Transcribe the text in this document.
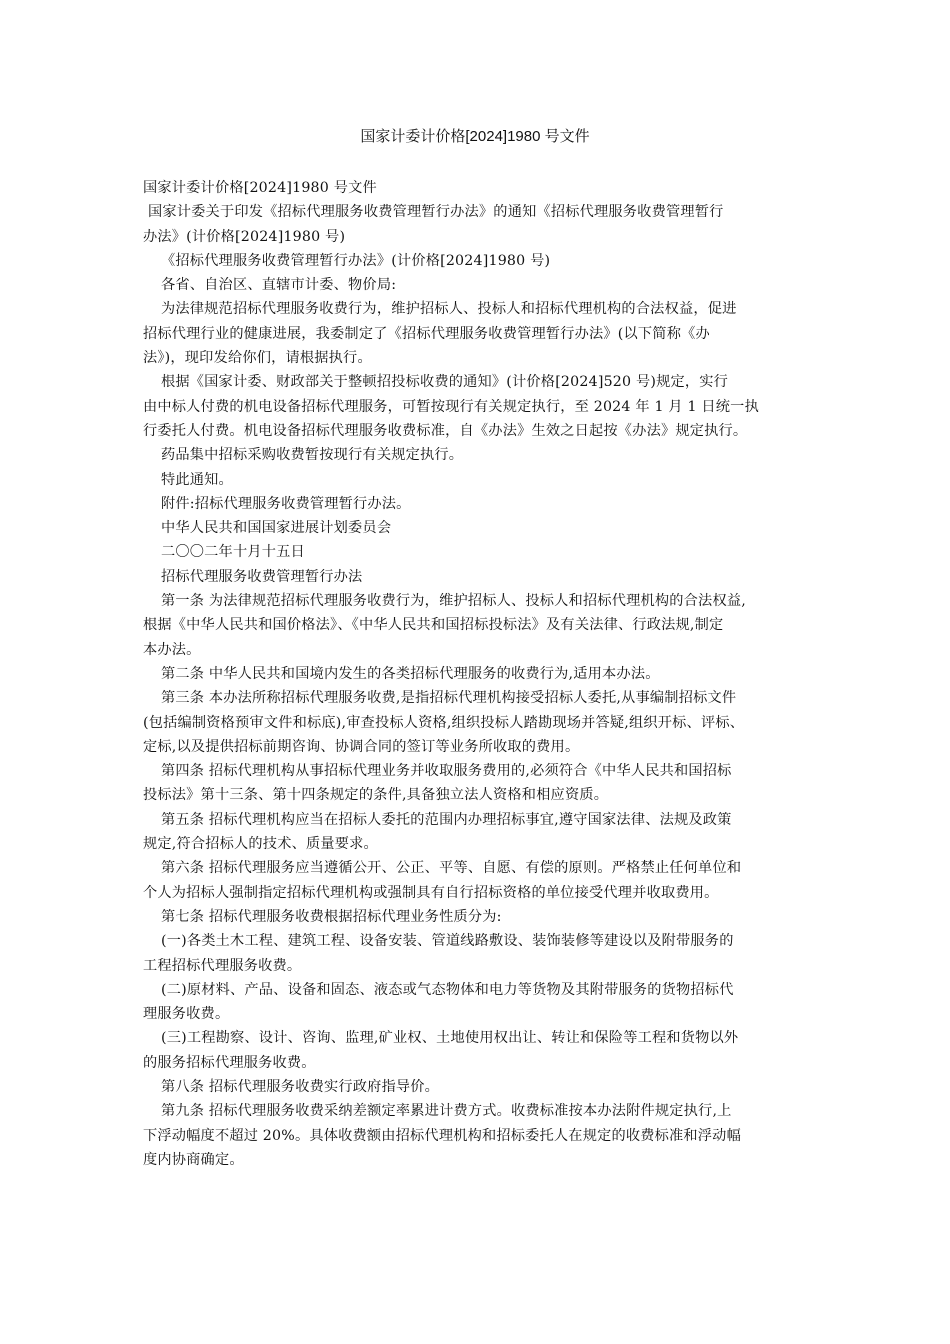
国家计委计价格[2024]1980 号文件
国家计委计价格[2024]1980 号文件
国家计委关于印发《招标代理服务收费管理暂行办法》的通知《招标代理服务收费管理暂行
办法》(计价格[2024]1980 号)
《招标代理服务收费管理暂行办法》(计价格[2024]1980 号)
各省、自治区、直辖市计委、物价局:
为法律规范招标代理服务收费行为，维护招标人、投标人和招标代理机构的合法权益，促进
招标代理行业的健康进展，我委制定了《招标代理服务收费管理暂行办法》(以下简称《办
法》)，现印发给你们，请根据执行。
根据《国家计委、财政部关于整顿招投标收费的通知》(计价格[2024]520 号)规定，实行
由中标人付费的机电设备招标代理服务，可暂按现行有关规定执行，至 2024 年 1 月 1 日统一执
行委托人付费。机电设备招标代理服务收费标准，自《办法》生效之日起按《办法》规定执行。
药品集中招标采购收费暂按现行有关规定执行。
特此通知。
附件:招标代理服务收费管理暂行办法。
中华人民共和国国家进展计划委员会
二〇〇二年十月十五日
招标代理服务收费管理暂行办法
第一条 为法律规范招标代理服务收费行为，维护招标人、投标人和招标代理机构的合法权益,
根据《中华人民共和国价格法》、《中华人民共和国招标投标法》及有关法律、行政法规,制定
本办法。
第二条 中华人民共和国境内发生的各类招标代理服务的收费行为,适用本办法。
第三条 本办法所称招标代理服务收费,是指招标代理机构接受招标人委托,从事编制招标文件
(包括编制资格预审文件和标底),审查投标人资格,组织投标人踏勘现场并答疑,组织开标、评标、
定标,以及提供招标前期咨询、协调合同的签订等业务所收取的费用。
第四条 招标代理机构从事招标代理业务并收取服务费用的,必须符合《中华人民共和国招标
投标法》第十三条、第十四条规定的条件,具备独立法人资格和相应资质。
第五条 招标代理机构应当在招标人委托的范围内办理招标事宜,遵守国家法律、法规及政策
规定,符合招标人的技术、质量要求。
第六条 招标代理服务应当遵循公开、公正、平等、自愿、有偿的原则。严格禁止任何单位和
个人为招标人强制指定招标代理机构或强制具有自行招标资格的单位接受代理并收取费用。
第七条 招标代理服务收费根据招标代理业务性质分为:
(一)各类土木工程、建筑工程、设备安装、管道线路敷设、装饰装修等建设以及附带服务的
工程招标代理服务收费。
(二)原材料、产品、设备和固态、液态或气态物体和电力等货物及其附带服务的货物招标代
理服务收费。
(三)工程勘察、设计、咨询、监理,矿业权、土地使用权出让、转让和保险等工程和货物以外
的服务招标代理服务收费。
第八条 招标代理服务收费实行政府指导价。
第九条 招标代理服务收费采纳差额定率累进计费方式。收费标准按本办法附件规定执行,上
下浮动幅度不超过 20%。具体收费额由招标代理机构和招标委托人在规定的收费标准和浮动幅
度内协商确定。
